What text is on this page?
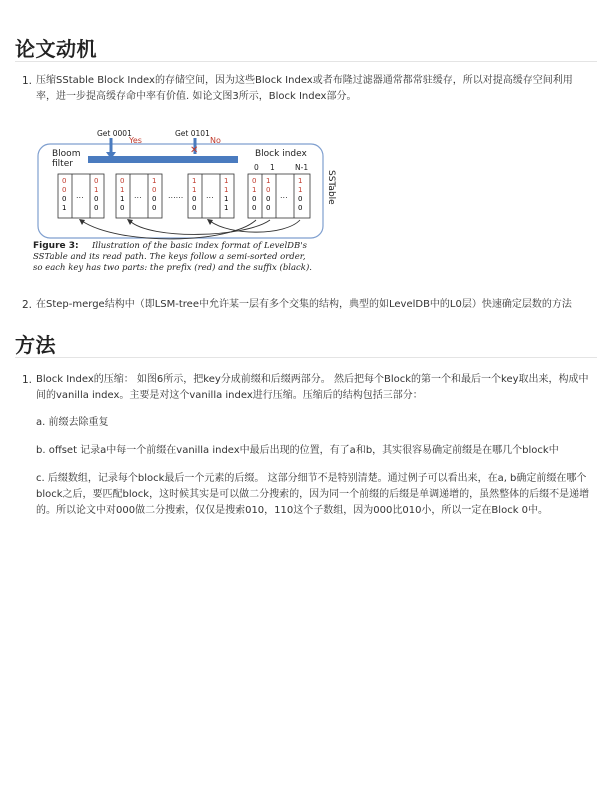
论文动机
1. 压缩SStable Block Index的存储空间，因为这些Block Index或者布隆过滤器通常都常驻缓存，所以对提高缓存空间利用率，进一步提高缓存命中率有价值. 如论文图3所示，Block Index部分。

Get 0001	Get 0101
Yes
✕
No
Bloom
filter
Block index
0 1	N-1
SSTable
0
0
0
1
0
1
0
0
0
1
1
0
1
0
0
0
1
1
0
0
1
1
1
1
0
1
0
0
1
0
0
0
1
1
0
0
...	...	...	...
......
Figure 3: Illustration of the basic index format of LevelDB's
SSTable and its read path. The keys follow a semi-sorted order,
so each key has two parts: the prefix (red) and the suffix (black).
2. 在Step-merge结构中（即LSM-tree中允许某一层有多个交集的结构，典型的如LevelDB中的L0层）快速确定层数的方法

方法
1. Block Index的压缩： 如图6所示，把key分成前缀和后缀两部分。 然后把每个Block的第一个和最后一个key取出来，构成中间的vanilla index。主要是对这个vanilla index进行压缩。压缩后的结构包括三部分：

a. 前缀去除重复

b. offset 记录a中每一个前缀在vanilla index中最后出现的位置，有了a和b，其实很容易确定前缀是在哪几个block中

c. 后缀数组，记录每个block最后一个元素的后缀。 这部分细节不是特别清楚。通过例子可以看出来，在a, b确定前缀在哪个block之后，要匹配block，这时候其实是可以做二分搜索的，因为同一个前缀的后缀是单调递增的，虽然整体的后缀不是递增的。所以论文中对000做二分搜索，仅仅是搜索010，110这个子数组，因为000比010小，所以一定在Block 0中。
